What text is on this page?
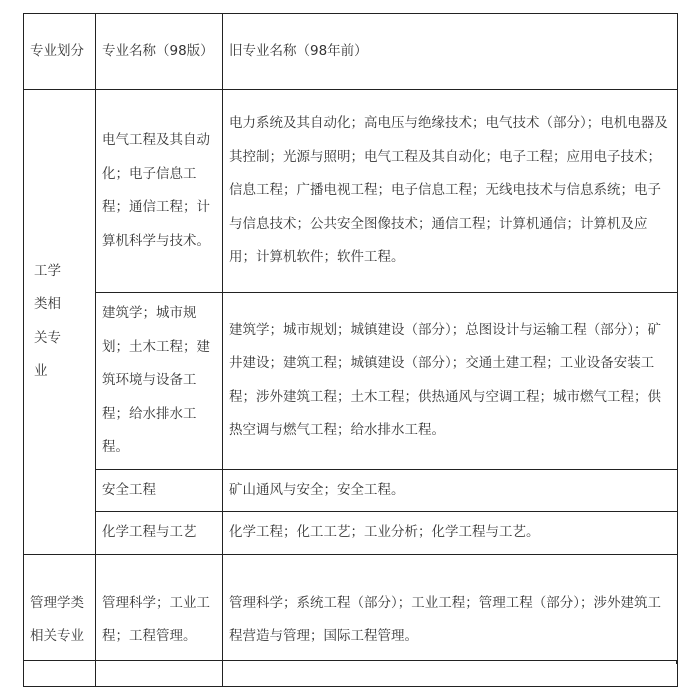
专业划分	专业名称（98版）	旧专业名称（98年前）
工学类相关专业	电气工程及其自动化；电子信息工程；通信工程；计算机科学与技术。	电力系统及其自动化；高电压与绝缘技术；电气技术（部分）；电机电器及其控制；光源与照明；电气工程及其自动化；电子工程；应用电子技术；信息工程；广播电视工程；电子信息工程；无线电技术与信息系统；电子与信息技术；公共安全图像技术；通信工程；计算机通信；计算机及应用；计算机软件；软件工程。
	建筑学；城市规划；土木工程；建筑环境与设备工程；给水排水工程。	建筑学；城市规划；城镇建设（部分）；总图设计与运输工程（部分）；矿井建设；建筑工程；城镇建设（部分）；交通土建工程；工业设备安装工程；涉外建筑工程；土木工程；供热通风与空调工程；城市燃气工程；供热空调与燃气工程；给水排水工程。
	安全工程	矿山通风与安全；安全工程。
	化学工程与工艺	化学工程；化工工艺；工业分析；化学工程与工艺。
管理学类相关专业	管理科学；工业工程；工程管理。	管理科学；系统工程（部分）；工业工程；管理工程（部分）；涉外建筑工程营造与管理；国际工程管理。
